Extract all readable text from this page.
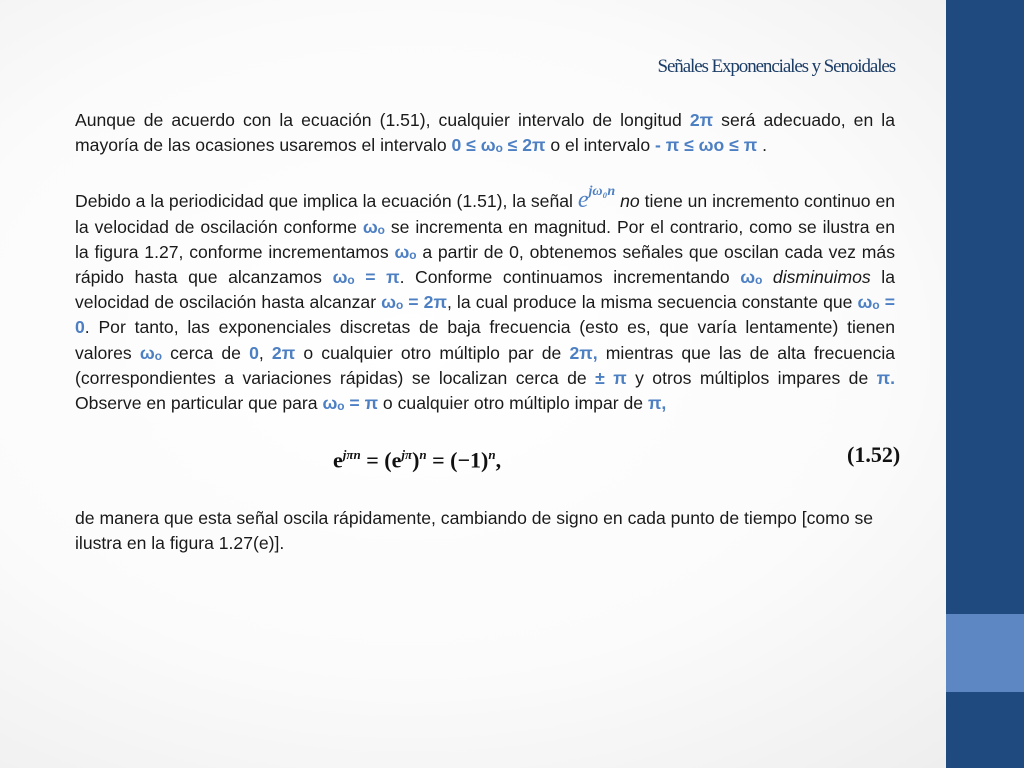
Señales Exponenciales y Senoidales

Aunque de acuerdo con la ecuación (1.51), cualquier intervalo de longitud 2π será adecuado, en la mayoría de las ocasiones usaremos el intervalo 0 ≤ ωₒ ≤ 2π o el intervalo - π ≤ ωo ≤ π .

Debido a la periodicidad que implica la ecuación (1.51), la señal $e^{j\omega_0n}$ no tiene un incremento continuo en la velocidad de oscilación conforme ωₒ se incrementa en magnitud. Por el contrario, como se ilustra en la figura 1.27, conforme incrementamos ωₒ a partir de 0, obtenemos señales que oscilan cada vez más rápido hasta que alcanzamos ωₒ = π. Conforme continuamos incrementando ωₒ disminuimos la velocidad de oscilación hasta alcanzar ωₒ = 2π, la cual produce la misma secuencia constante que ωₒ = 0. Por tanto, las exponenciales discretas de baja frecuencia (esto es, que varía lentamente) tienen valores ωₒ cerca de 0, 2π o cualquier otro múltiplo par de 2π, mientras que las de alta frecuencia (correspondientes a variaciones rápidas) se localizan cerca de ± π y otros múltiplos impares de π. Observe en particular que para ωₒ = π o cualquier otro múltiplo impar de π,

$e^{j\pi n} = (e^{j\pi})^n = (-1)^n$,	(1.52)

de manera que esta señal oscila rápidamente, cambiando de signo en cada punto de tiempo [como se ilustra en la figura 1.27(e)].
